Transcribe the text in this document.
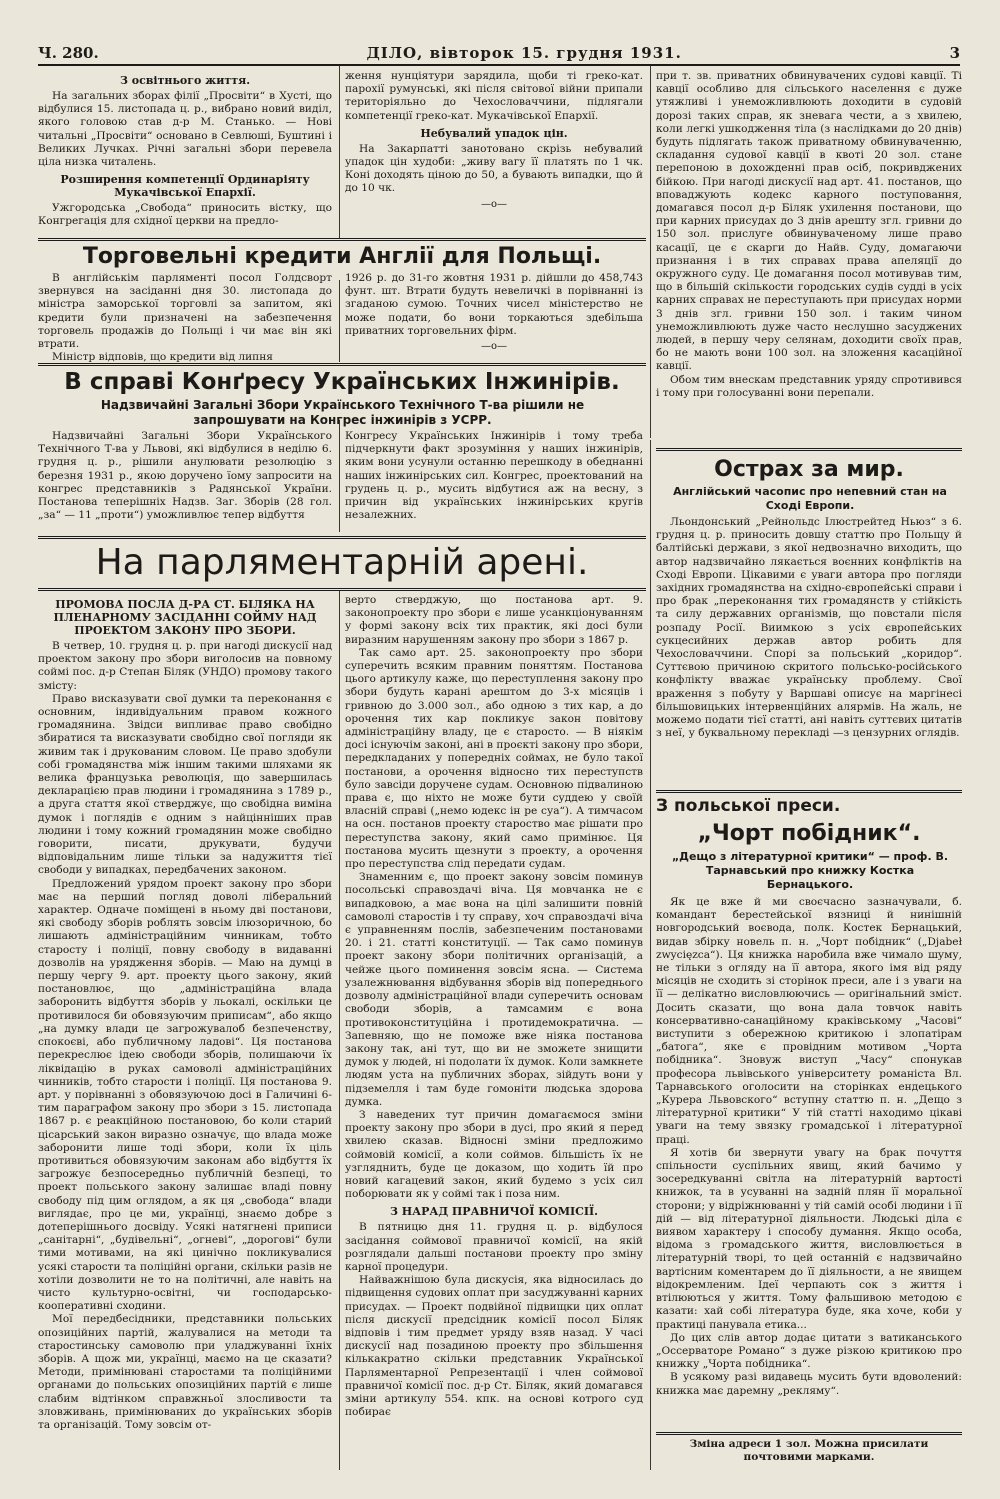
Ч. 280.	ДІЛО, вівторок 15. грудня 1931.	3
З освітнього життя.

На загальних зборах філії „Просвіти“ в Хусті, що відбулися 15. листопада ц. р., вибрано новий виділ, якого головою став д-р М. Станько. — Нові читальні „Просвіти“ основано в Севлюші, Буштині і Великих Лучках. Річні загальні збори перевела ціла низка читалень.

Розширення компетенції Ординаріяту Мукачівської Епархії.

Ужгородська „Свобода“ приносить вістку, що Конгрегація для східної церкви на предло-

ження нунціятури зарядила, щоби ті греко-кат. парохії румунські, які після світової війни припали територіяльно до Чехословаччини, підлягали компетенції греко-кат. Мукачівської Епархії.

Небувалий упадок цін.

На Закарпатті занотовано скрізь небувалий упадок цін худоби: „живу вагу її платять по 1 чк. Коні доходять ціною до 50, а бувають випадки, що й до 10 чк.

—о—

при т. зв. приватних обвинувачених судові кавції. Ті кавції особливо для сільського населення є дуже утяжливі і унеможливлюють доходити в судовій дорозі таких справ, як зневага чести, а з хвилею, коли легкі ушкодження тіла (з наслідками до 20 днів) будуть підлягать також приватному обвинуваченню, складання судової кавції в квоті 20 зол. стане перепоною в дохожденні прав осіб, покривджених бійкою. При нагоді дискусії над арт. 41. постанов, що вповаджують кодекс карного поступовання, домагався посол д-р Біляк ухилення постанови, що при карних присудах до 3 днів арешту згл. гривни до 150 зол. прислуге обвинуваченому лише право касації, це є скарги до Найв. Суду, домагаючи признання і в тих справах права апеляції до окружного суду. Це домагання посол мотивував тим, що в більшій скількости городських судів судді в усіх карних справах не переступають при присудах норми 3 днів згл. гривни 150 зол. і таким чином унеможливлюють дуже часто неслушно засуджених людей, в першу черу селянам, доходити своїх прав, бо не мають вони 100 зол. на зложення касаційної кавції.

Обом тим внескам представник уряду спротивився і тому при голосуванні вони перепали.

Торговельні кредити Англії для Польщі.

В англійськім парляменті посол Голдсворт звернувся на засіданні дня 30. листопада до міністра заморської торговлі за запитом, які кредити були призначені на забезпечення торговель продажів до Польщі і чи має він які втрати.

Міністр відповів, що кредити від липня

1926 р. до 31-го жовтня 1931 р. дійшли до 458,743 фунт. шт. Втрати будуть невеличкі в порівнанні із згаданою сумою. Точних чисел міністерство не може подати, бо вони торкаються здебільша приватних торговельних фірм.

—о—
В справі Конґресу Українських Інжинірів.
Надзвичайні Загальні Збори Українського Технічного Т-ва рішили не запрошувати на Конгрес інжинірів з УСРР.

Надзвичайні Загальні Збори Українського Технічного Т-ва у Львові, які відбулися в неділю 6. грудня ц. р., рішили анулювати резолюцію з березня 1931 р., якою доручено їому запросити на конгрес представників з Радянської України. Постанова теперішніх Надзв. Заг. Зборів (28 гол. „за“ — 11 „проти“) уможливлює тепер відбуття

Конгресу Українських Інжинірів і тому треба підчеркнути факт зрозуміння у наших інжинірів, яким вони усунули останню перешкоду в обеднанні наших інжинірських сил. Конгрес, проектований на грудень ц. р., мусить відбутися аж на весну, з причин від українських інжинірських кругів незалежних.

На парляментарній арені.
ПРОМОВА ПОСЛА Д-РА СТ. БІЛЯКА НА ПЛЕНАРНОМУ ЗАСІДАННІ СОЙМУ НАД ПРОЕКТОМ ЗАКОНУ ПРО ЗБОРИ.

В четвер, 10. грудня ц. р. при нагоді дискусії над проектом закону про збори виголосив на повному соймі пос. д-р Степан Біляк (УНДО) промову такого змісту:

Право висказувати свої думки та переконання є основним, індивідуальним правом кожного громадянина. Звідси випливає право свобідно збиратися та висказувати свобідно свої погляди як живим так і друкованим словом. Це право здобули собі громадянства між іншим такими шляхами як велика французька революція, що завершилась декларацією прав людини і громадянина з 1789 р., а друга стаття якої стверджує, що свобідна виміна думок і поглядів є одним з найцінніших прав людини і тому кожний громадянин може свобідно говорити, писати, друкувати, будучи відповідальним лише тільки за надужиття тієї свободи у випадках, передбачених законом.

Предложений урядом проект закону про збори має на перший погляд доволі ліберальний характер. Одначе поміщені в ньому дві постанови, які свободу зборів роблять зовсім ілюзоричною, бо лишають адміністраційним чинникам, тобто старосту і поліції, повну свободу в видаванні дозволів на урядження зборів. — Маю на думці в першу чергу 9. арт. проекту цього закону, який постановлює, що „адміністраційна влада заборонить відбуття зборів у льокалі, оскільки це противилося би обовязуючим приписам“, або якщо „на думку влади це загрожувалоб безпеченству, спокоєві, або публичному ладові“. Ця постанова перекреслює ідею свободи зборів, полишаючи їх ліквідацію в руках самоволі адміністраційних чинників, тобто старости і поліції. Ця постанова 9. арт. у порівнанні з обовязуючою досі в Галичині 6-тим параграфом закону про збори з 15. листопада 1867 р. є реакційною постановою, бо коли старий цісарський закон виразно означує, що влада може заборонити лише тоді збори, коли їх ціль противиться обовязуючим законам або відбуття їх загрожує безпосередньо публичній безпеці, то проект польського закону залишає владі повну свободу під цим оглядом, а як ця „свобода“ влади виглядає, про це ми, українці, знаємо добре з дотеперішнього досвіду. Усякі натягнені приписи „санітарні“, „будівельні“, „огневі“, „дорогові“ були тими мотивами, на які цинічно покликувалися усякі старости та поліційні органи, скільки разів не хотіли дозволити не то на політичні, але навіть на чисто культурно-освітні, чи господарсько-кооперативні сходини.

Мої передбесідники, представники польських опозиційних партій, жалувалися на методи та старостинську самоволю при уладжуванні їхніх зборів. А щож ми, українці, маємо на це сказати? Методи, примінювані старостами та поліційними органами до польських опозиційних партій є лише слабим відтінком справжньої злосливости та зловживань, примінюваних до українських зборів та організацій. Тому зовсім от-

верто стверджую, що постанова арт. 9. законопроекту про збори є лише усанкціонуванням у формі закону всіх тих практик, які досі були виразним нарушенням закону про збори з 1867 р.

Так само арт. 25. законопроекту про збори суперечить всяким правним поняттям. Постанова цього артикулу каже, що переступлення закону про збори будуть карані арештом до 3-х місяців і гривною до 3.000 зол., або одною з тих кар, а до орочення тих кар покликує закон повітову адміністраційну владу, це є старосто. — В ніякім досі існуючім законі, ані в проєкті закону про збори, передкладаних у попередніх соймах, не було такої постанови, а орочення відносно тих переступств було завсіди доручене судам. Основною підвалиною права є, що ніхто не може бути суддею у своїй власній справі („немо юдекс ін ре суа“). А тимчасом на осн. постанов проекту староство має рішати про переступства закону, який само примінює. Ця постанова мусить щезнути з проекту, а орочення про переступства слід передати судам.

Знаменним є, що проект закону зовсім поминув посольські справоздачі віча. Ця мовчанка не є випадковою, а має вона на цілі залишити повній самоволі старостів і ту справу, хоч справоздачі віча є управненням послів, забезпеченим постановами 20. і 21. статті конституції. — Так само поминув проект закону збори політичних організацій, а чейже цього поминення зовсім ясна. — Система узалежнювання відбування зборів від попереднього дозволу адміністраційної влади суперечить основам свободи зборів, а тамсамим є вона противоконституційна і протидемократична. — Запевняю, що не поможе вже ніяка постанова закону так, ані тут, що ви не зможете знищити думок у людей, ні подолати їх думок. Коли замкнете людям уста на публичних зборах, зійдуть вони у підземелля і там буде гомоніти людська здорова думка.

З наведених тут причин домагаємося зміни проекту закону про збори в дусі, про який я перед хвилею сказав. Відносні зміни предложимо соймовій комісії, а коли соймов. більшість їх не узгляднить, буде це доказом, що ходить їй про новий кагацевий закон, який будемо з усіх сил поборювати як у соймі так і поза ним.

З НАРАД ПРАВНИЧОЇ КОМІСІЇ.

В пятницю дня 11. грудня ц. р. відбулося засідання соймової правничої комісії, на якій розглядали дальші постанови проекту про зміну карної процедури.

Найважнішою була дискусія, яка відносилась до підвищення судових оплат при засуджуванні карних присудах. — Проект подвійної підвищки цих оплат після дискусії предсідник комісії посол Біляк відповів і тим предмет уряду взяв назад. У часі дискусії над позадиною проекту про збільшення кількакратно скільки представник Української Парляментарної Репрезентації і член соймової правничої комісії пос. д-р Ст. Біляк, який домагався зміни артикулу 554. кпк. на основі котрого суд побирає

Острах за мир.
Англійський часопис про непевний стан на Сході Европи.

Льондонський „Рейнольдс Ілюстрейтед Ньюз“ з 6. грудня ц. р. приносить довшу статтю про Польщу й балтійські держави, з якої недвозначно виходить, що автор надзвичайно лякається воєнних конфліктів на Сході Европи. Цікавими є уваги автора про погляди західних громадянства на східно-європейські справи і про брак „переконання тих громадянств у стійкість та силу державних організмів, що повстали після розпаду Росії. Виимкою з усіх європейських сукцесийних держав автор робить для Чехословаччини. Спорі за польський „коридор“. Суттєвою причиною скритого польсько-російського конфлікту вважає українську проблему. Свої враження з побуту у Варшаві описує на маргінесі більшовицьких інтервенційних алярмів. На жаль, не можемо подати тієї статті, ані навіть суттєвих цитатів з неї, у буквальному перекладі —з цензурних оглядів.

З польської преси.
„Чорт побідник“.
„Дещо з літературної критики“ — проф. В. Тарнавський про книжку Костка Бернацького.

Як це вже й ми своєчасно зазначували, б. командант берестейської вязниці й нинішній новгородський воєвода, полк. Костек Бернацький, видав збірку новель п. н. „Чорт побідник“ („Djabeł zwycięzca“). Ця книжка наробила вже чимало шуму, не тільки з огляду на її автора, якого імя від ряду місяців не сходить зі сторінок преси, але і з уваги на її — делікатно висловлюючись — оригінальний зміст. Досить сказати, що вона дала товчок навіть консервативно-санаційному краківському „Часові“ виступити з обережною критикою і злопатірам „батога“, яке є провідним мотивом „Чорта побідника“. Зновуж виступ „Часу“ спонукав професора львівського університету романіста Вл. Тарнавського оголосити на сторінках ендецького „Курера Львовского“ вступну статтю п. н. „Дещо з літературної критики“ У тій статті находимо цікаві уваги на тему звязку громадської і літературної праці.

Я хотів би звернути увагу на брак почуття спільности суспільних явищ, який бачимо у зосередкуванні світла на літературній вартості книжок, та в усуванні на задній плян її моральної сторони; у відріжнюванні у тій самій особі людини і її дій — від літературної діяльности. Людські діла є виявом характеру і способу думання. Якщо особа, відома з громадського життя, висловлюється в літературній творі, то цей останній є надзвичайно вартісним коментарем до її діяльности, а не явищем відокремленим. Ідеї черпають сок з життя і втілюються у життя. Тому фальшивою методою є казати: хай собі література буде, яка хоче, коби у практиці панувала етика...

До цих слів автор додає цитати з ватиканського „Оссерваторе Романо“ з дуже різкою критикою про книжку „Чорта побідника“.

В усякому разі видавець мусить бути вдоволений: книжка має даремну „рекляму“.

Зміна адреси 1 зол. Можна присилати почтовими марками.
